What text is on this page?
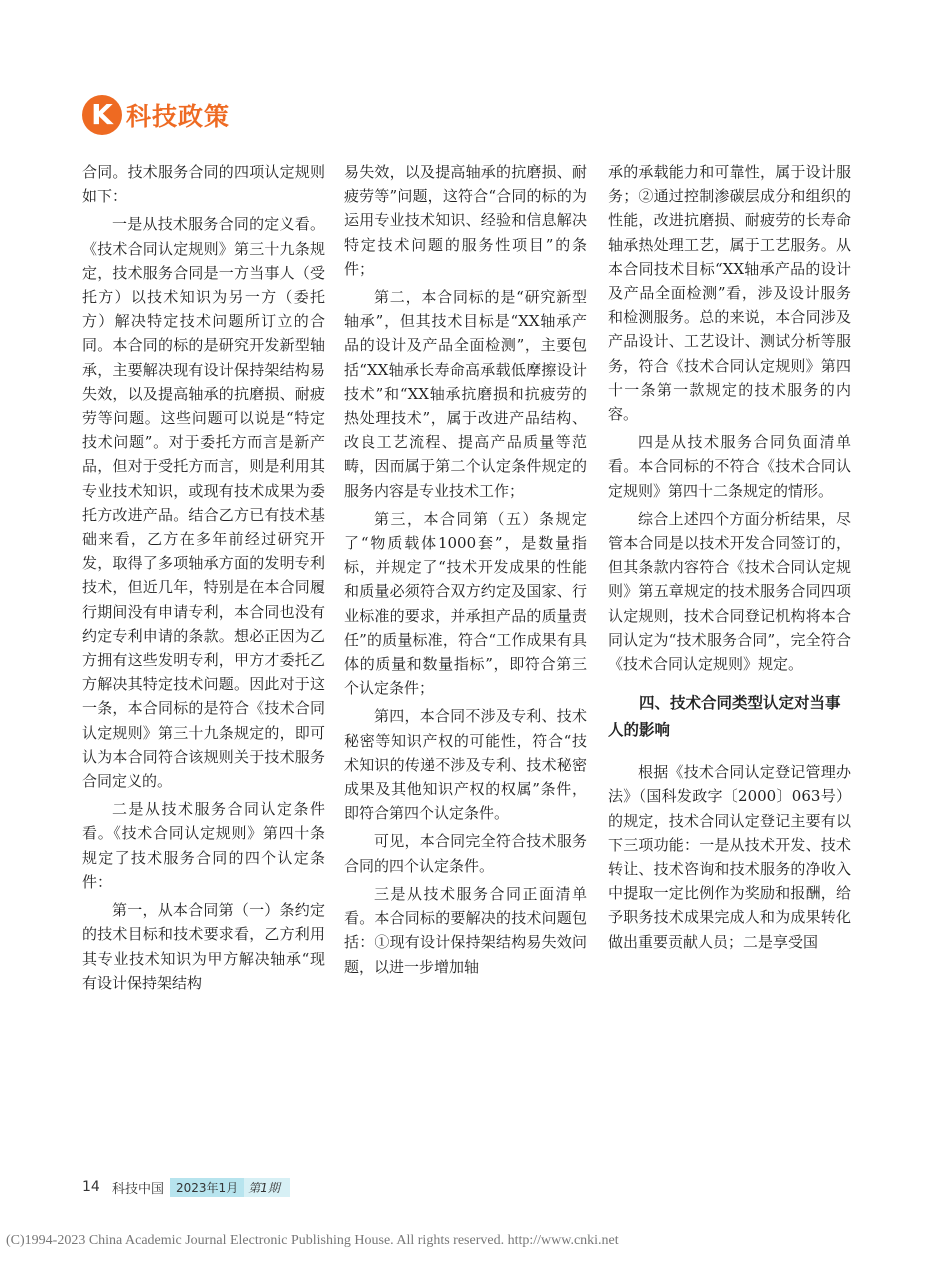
K 科技政策

合同。技术服务合同的四项认定规则如下：

一是从技术服务合同的定义看。《技术合同认定规则》第三十九条规定，技术服务合同是一方当事人（受托方）以技术知识为另一方（委托方）解决特定技术问题所订立的合同。本合同的标的是研究开发新型轴承，主要解决现有设计保持架结构易失效，以及提高轴承的抗磨损、耐疲劳等问题。这些问题可以说是“特定技术问题”。对于委托方而言是新产品，但对于受托方而言，则是利用其专业技术知识，或现有技术成果为委托方改进产品。结合乙方已有技术基础来看，乙方在多年前经过研究开发，取得了多项轴承方面的发明专利技术，但近几年，特别是在本合同履行期间没有申请专利，本合同也没有约定专利申请的条款。想必正因为乙方拥有这些发明专利，甲方才委托乙方解决其特定技术问题。因此对于这一条，本合同标的是符合《技术合同认定规则》第三十九条规定的，即可认为本合同符合该规则关于技术服务合同定义的。

二是从技术服务合同认定条件看。《技术合同认定规则》第四十条规定了技术服务合同的四个认定条件：

第一，从本合同第（一）条约定的技术目标和技术要求看，乙方利用其专业技术知识为甲方解决轴承“现有设计保持架结构

易失效，以及提高轴承的抗磨损、耐疲劳等”问题，这符合“合同的标的为运用专业技术知识、经验和信息解决特定技术问题的服务性项目”的条件；

第二，本合同标的是“研究新型轴承”，但其技术目标是“XX轴承产品的设计及产品全面检测”，主要包括“XX轴承长寿命高承载低摩擦设计技术”和“XX轴承抗磨损和抗疲劳的热处理技术”，属于改进产品结构、改良工艺流程、提高产品质量等范畴，因而属于第二个认定条件规定的服务内容是专业技术工作；

第三，本合同第（五）条规定了“物质载体1000套”，是数量指标，并规定了“技术开发成果的性能和质量必须符合双方约定及国家、行业标准的要求，并承担产品的质量责任”的质量标准，符合“工作成果有具体的质量和数量指标”，即符合第三个认定条件；

第四，本合同不涉及专利、技术秘密等知识产权的可能性，符合“技术知识的传递不涉及专利、技术秘密成果及其他知识产权的权属”条件，即符合第四个认定条件。

可见，本合同完全符合技术服务合同的四个认定条件。

三是从技术服务合同正面清单看。本合同标的要解决的技术问题包括：①现有设计保持架结构易失效问题，以进一步增加轴

承的承载能力和可靠性，属于设计服务；②通过控制渗碳层成分和组织的性能，改进抗磨损、耐疲劳的长寿命轴承热处理工艺，属于工艺服务。从本合同技术目标“XX轴承产品的设计及产品全面检测”看，涉及设计服务和检测服务。总的来说，本合同涉及产品设计、工艺设计、测试分析等服务，符合《技术合同认定规则》第四十一条第一款规定的技术服务的内容。

四是从技术服务合同负面清单看。本合同标的不符合《技术合同认定规则》第四十二条规定的情形。

综合上述四个方面分析结果，尽管本合同是以技术开发合同签订的，但其条款内容符合《技术合同认定规则》第五章规定的技术服务合同四项认定规则，技术合同登记机构将本合同认定为“技术服务合同”，完全符合《技术合同认定规则》规定。

四、技术合同类型认定对当事人的影响

根据《技术合同认定登记管理办法》（国科发政字〔2000〕063号）的规定，技术合同认定登记主要有以下三项功能：一是从技术开发、技术转让、技术咨询和技术服务的净收入中提取一定比例作为奖励和报酬，给予职务技术成果完成人和为成果转化做出重要贡献人员；二是享受国

14 科技中国	2023年1月 第1期
(C)1994-2023 China Academic Journal Electronic Publishing House. All rights reserved. http://www.cnki.net
